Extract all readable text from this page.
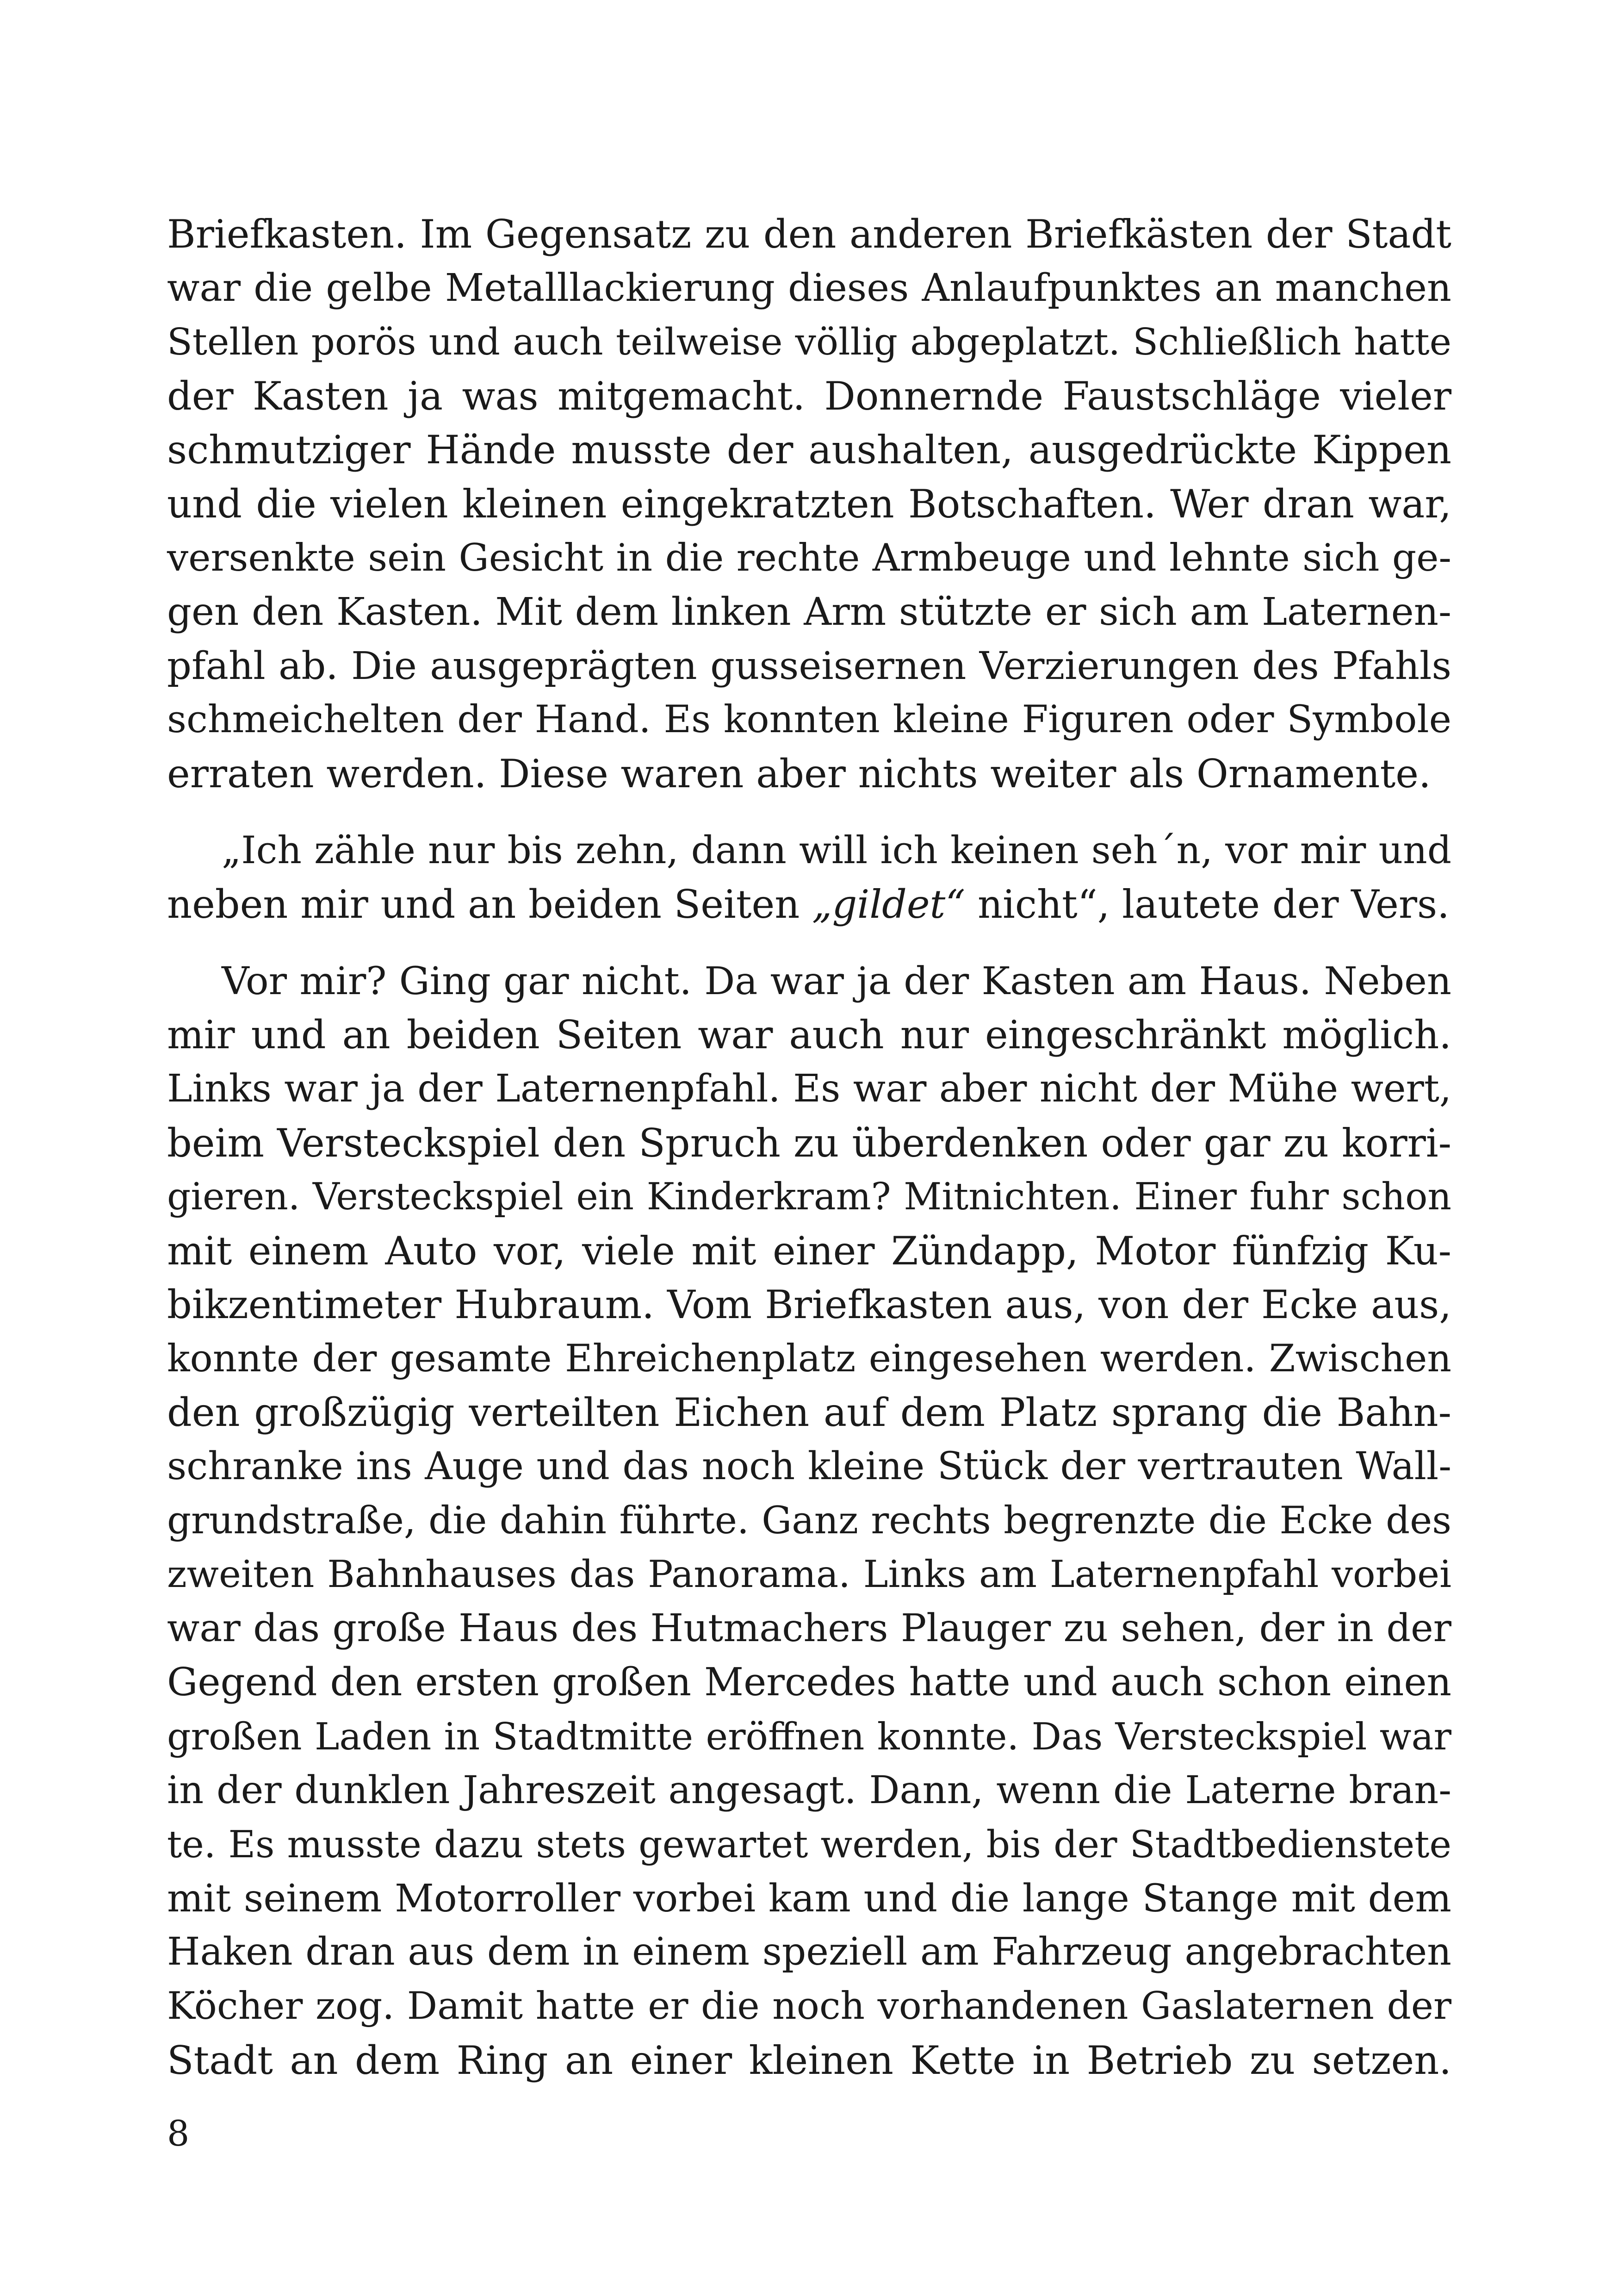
Briefkasten. Im Gegensatz zu den anderen Briefkästen der Stadt
war die gelbe Metalllackierung dieses Anlaufpunktes an manchen
Stellen porös und auch teilweise völlig abgeplatzt. Schließlich hatte
der Kasten ja was mitgemacht. Donnernde Faustschläge vieler
schmutziger Hände musste der aushalten, ausgedrückte Kippen
und die vielen kleinen eingekratzten Botschaften. Wer dran war,
versenkte sein Gesicht in die rechte Armbeuge und lehnte sich ge-
gen den Kasten. Mit dem linken Arm stützte er sich am Laternen-
pfahl ab. Die ausgeprägten gusseisernen Verzierungen des Pfahls
schmeichelten der Hand. Es konnten kleine Figuren oder Symbole
erraten werden. Diese waren aber nichts weiter als Ornamente.

„Ich zähle nur bis zehn, dann will ich keinen seh´n, vor mir und
neben mir und an beiden Seiten „gildet“ nicht“, lautete der Vers.

Vor mir? Ging gar nicht. Da war ja der Kasten am Haus. Neben
mir und an beiden Seiten war auch nur eingeschränkt möglich.
Links war ja der Laternenpfahl. Es war aber nicht der Mühe wert,
beim Versteckspiel den Spruch zu überdenken oder gar zu korri-
gieren. Versteckspiel ein Kinderkram? Mitnichten. Einer fuhr schon
mit einem Auto vor, viele mit einer Zündapp, Motor fünfzig Ku-
bikzentimeter Hubraum. Vom Briefkasten aus, von der Ecke aus,
konnte der gesamte Ehreichenplatz eingesehen werden. Zwischen
den großzügig verteilten Eichen auf dem Platz sprang die Bahn-
schranke ins Auge und das noch kleine Stück der vertrauten Wall-
grundstraße, die dahin führte. Ganz rechts begrenzte die Ecke des
zweiten Bahnhauses das Panorama. Links am Laternenpfahl vorbei
war das große Haus des Hutmachers Plauger zu sehen, der in der
Gegend den ersten großen Mercedes hatte und auch schon einen
großen Laden in Stadtmitte eröffnen konnte. Das Versteckspiel war
in der dunklen Jahreszeit angesagt. Dann, wenn die Laterne bran-
te. Es musste dazu stets gewartet werden, bis der Stadtbedienstete
mit seinem Motorroller vorbei kam und die lange Stange mit dem
Haken dran aus dem in einem speziell am Fahrzeug angebrachten
Köcher zog. Damit hatte er die noch vorhandenen Gaslaternen der
Stadt an dem Ring an einer kleinen Kette in Betrieb zu setzen.

8
